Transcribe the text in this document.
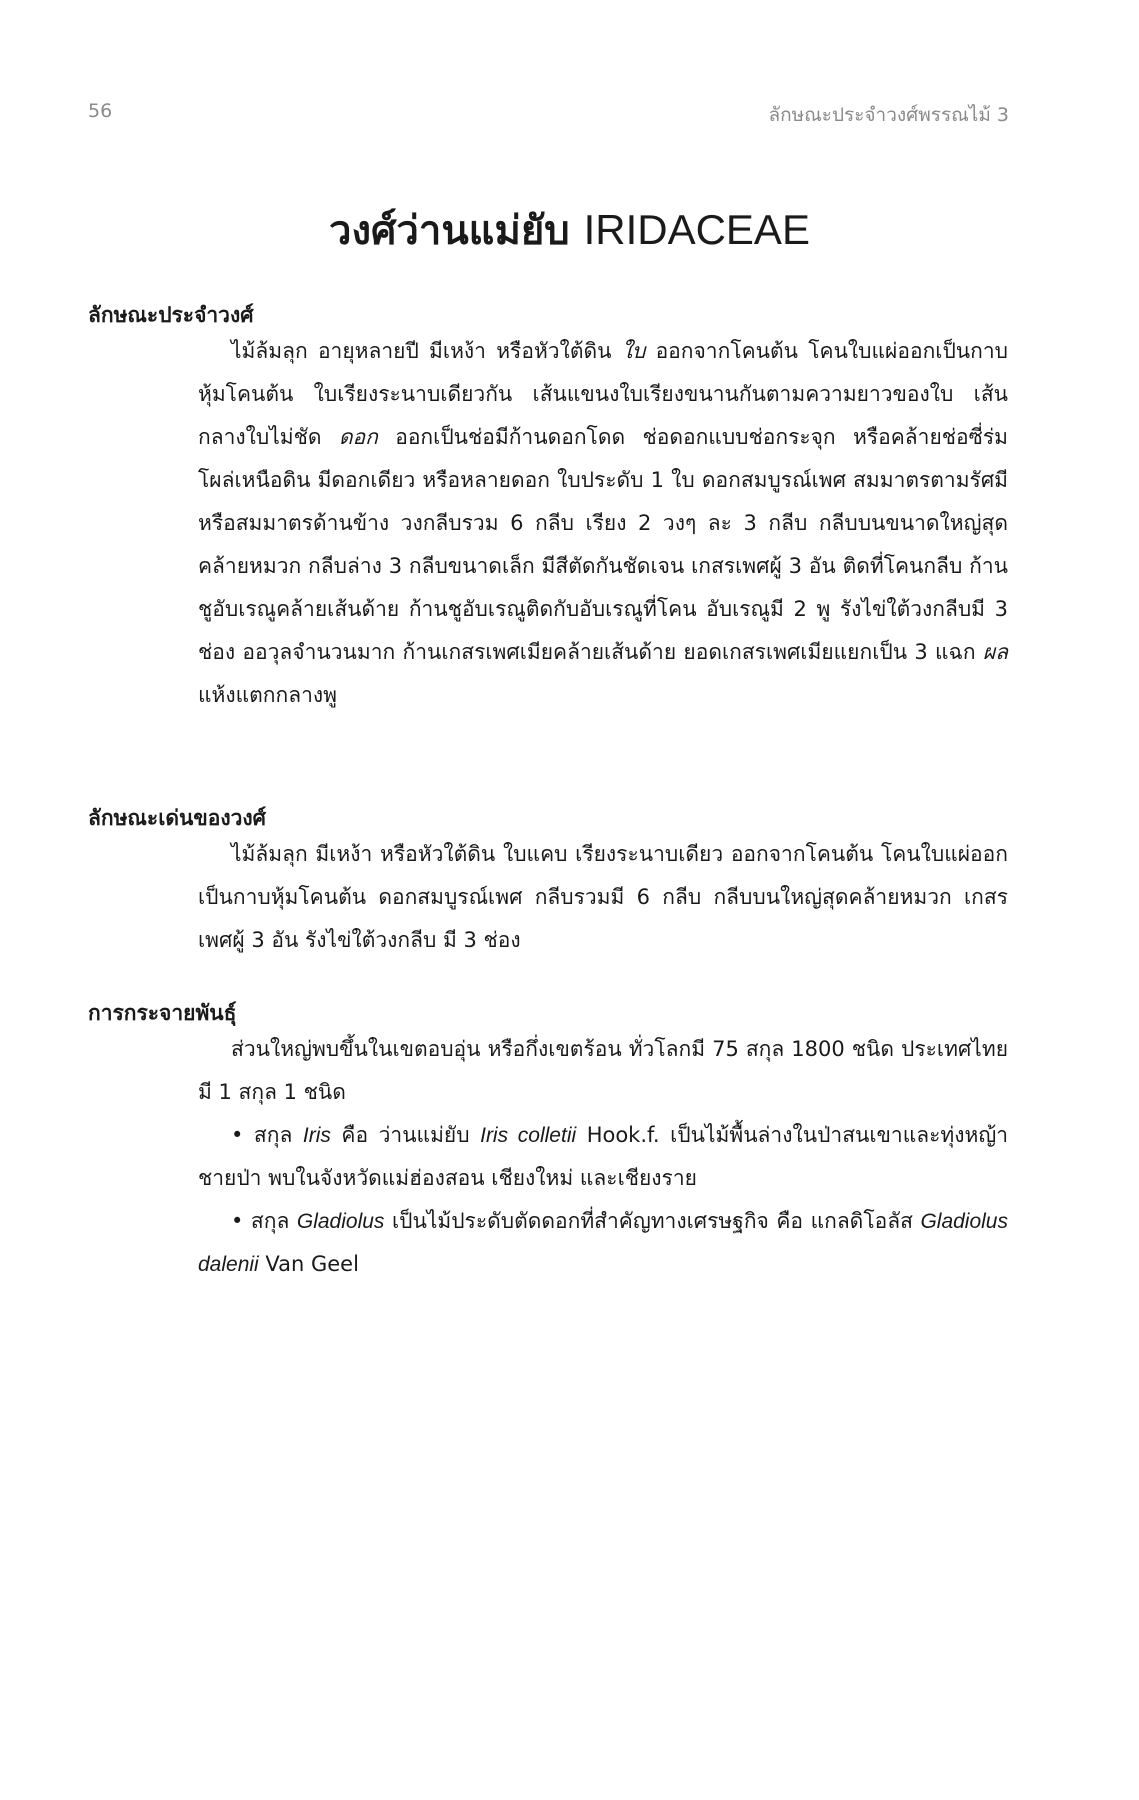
56	ลักษณะประจำวงศ์พรรณไม้ 3
วงศ์ว่านแม่ยับ IRIDACEAE
ลักษณะประจำวงศ์

ไม้ล้มลุก อายุหลายปี มีเหง้า หรือหัวใต้ดิน ใบ ออกจากโคนต้น โคนใบแผ่ออกเป็นกาบหุ้มโคนต้น ใบเรียงระนาบเดียวกัน เส้นแขนงใบเรียงขนานกันตามความยาวของใบ เส้นกลางใบไม่ชัด ดอก ออกเป็นช่อมีก้านดอกโดด ช่อดอกแบบช่อกระจุก หรือคล้ายช่อซี่ร่ม โผล่เหนือดิน มีดอกเดียว หรือหลายดอก ใบประดับ 1 ใบ ดอกสมบูรณ์เพศ สมมาตรตามรัศมี หรือสมมาตรด้านข้าง วงกลีบรวม 6 กลีบ เรียง 2 วงๆ ละ 3 กลีบ กลีบบนขนาดใหญ่สุดคล้ายหมวก กลีบล่าง 3 กลีบขนาดเล็ก มีสีตัดกันชัดเจน เกสรเพศผู้ 3 อัน ติดที่โคนกลีบ ก้านชูอับเรณูคล้ายเส้นด้าย ก้านชูอับเรณูติดกับอับเรณูที่โคน อับเรณูมี 2 พู รังไข่ใต้วงกลีบมี 3 ช่อง ออวุลจำนวนมาก ก้านเกสรเพศเมียคล้ายเส้นด้าย ยอดเกสรเพศเมียแยกเป็น 3 แฉก ผล แห้งแตกกลางพู

ลักษณะเด่นของวงศ์

ไม้ล้มลุก มีเหง้า หรือหัวใต้ดิน ใบแคบ เรียงระนาบเดียว ออกจากโคนต้น โคนใบแผ่ออกเป็นกาบหุ้มโคนต้น ดอกสมบูรณ์เพศ กลีบรวมมี 6 กลีบ กลีบบนใหญ่สุดคล้ายหมวก เกสรเพศผู้ 3 อัน รังไข่ใต้วงกลีบ มี 3 ช่อง

การกระจายพันธุ์

ส่วนใหญ่พบขึ้นในเขตอบอุ่น หรือกึ่งเขตร้อน ทั่วโลกมี 75 สกุล 1800 ชนิด ประเทศไทยมี 1 สกุล 1 ชนิด

• สกุล Iris คือ ว่านแม่ยับ Iris colletii Hook.f. เป็นไม้พื้นล่างในป่าสนเขาและทุ่งหญ้าชายป่า พบในจังหวัดแม่ฮ่องสอน เชียงใหม่ และเชียงราย

• สกุล Gladiolus เป็นไม้ประดับตัดดอกที่สำคัญทางเศรษฐกิจ คือ แกลดิโอลัส Gladiolus dalenii Van Geel
